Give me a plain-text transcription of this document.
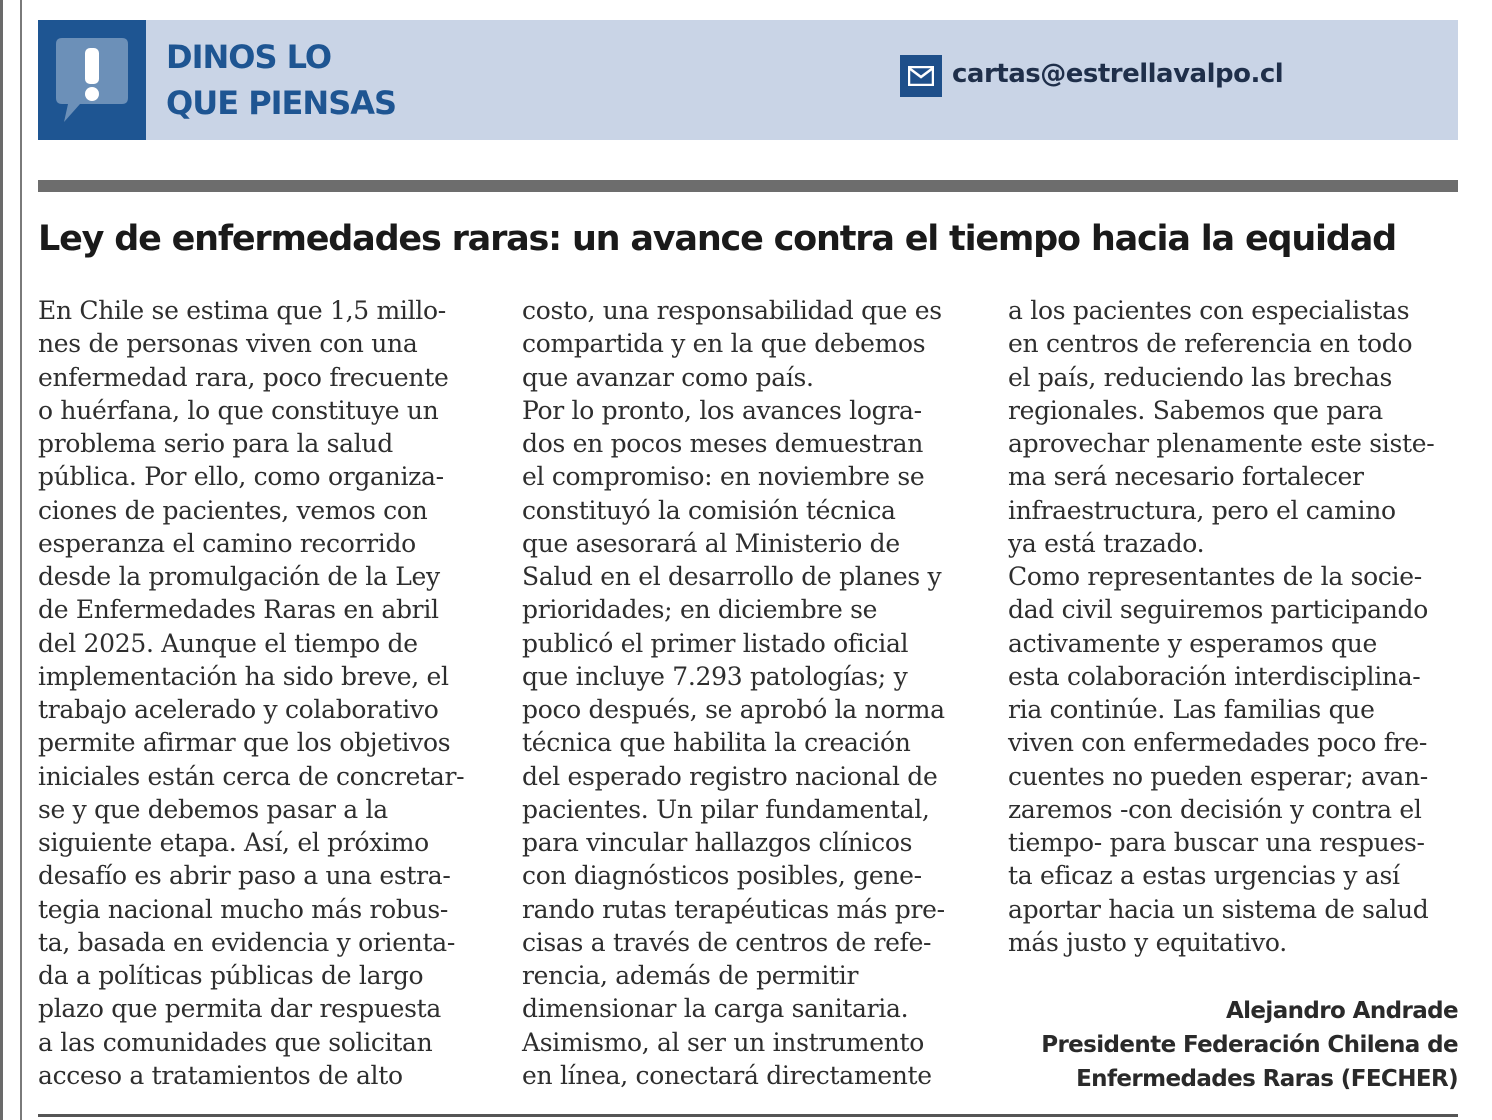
DINOS LO
QUE PIENSAS
cartas@estrellavalpo.cl
Ley de enfermedades raras: un avance contra el tiempo hacia la equidad
En Chile se estima que 1,5 millo-
nes de personas viven con una
enfermedad rara, poco frecuente
o huérfana, lo que constituye un
problema serio para la salud
pública. Por ello, como organiza-
ciones de pacientes, vemos con
esperanza el camino recorrido
desde la promulgación de la Ley
de Enfermedades Raras en abril
del 2025. Aunque el tiempo de
implementación ha sido breve, el
trabajo acelerado y colaborativo
permite afirmar que los objetivos
iniciales están cerca de concretar-
se y que debemos pasar a la
siguiente etapa. Así, el próximo
desafío es abrir paso a una estra-
tegia nacional mucho más robus-
ta, basada en evidencia y orienta-
da a políticas públicas de largo
plazo que permita dar respuesta
a las comunidades que solicitan
acceso a tratamientos de alto
costo, una responsabilidad que es
compartida y en la que debemos
que avanzar como país.
Por lo pronto, los avances logra-
dos en pocos meses demuestran
el compromiso: en noviembre se
constituyó la comisión técnica
que asesorará al Ministerio de
Salud en el desarrollo de planes y
prioridades; en diciembre se
publicó el primer listado oficial
que incluye 7.293 patologías; y
poco después, se aprobó la norma
técnica que habilita la creación
del esperado registro nacional de
pacientes. Un pilar fundamental,
para vincular hallazgos clínicos
con diagnósticos posibles, gene-
rando rutas terapéuticas más pre-
cisas a través de centros de refe-
rencia, además de permitir
dimensionar la carga sanitaria.
Asimismo, al ser un instrumento
en línea, conectará directamente
a los pacientes con especialistas
en centros de referencia en todo
el país, reduciendo las brechas
regionales. Sabemos que para
aprovechar plenamente este siste-
ma será necesario fortalecer
infraestructura, pero el camino
ya está trazado.
Como representantes de la socie-
dad civil seguiremos participando
activamente y esperamos que
esta colaboración interdisciplina-
ria continúe. Las familias que
viven con enfermedades poco fre-
cuentes no pueden esperar; avan-
zaremos -con decisión y contra el
tiempo- para buscar una respues-
ta eficaz a estas urgencias y así
aportar hacia un sistema de salud
más justo y equitativo.
Alejandro Andrade
Presidente Federación Chilena de
Enfermedades Raras (FECHER)
